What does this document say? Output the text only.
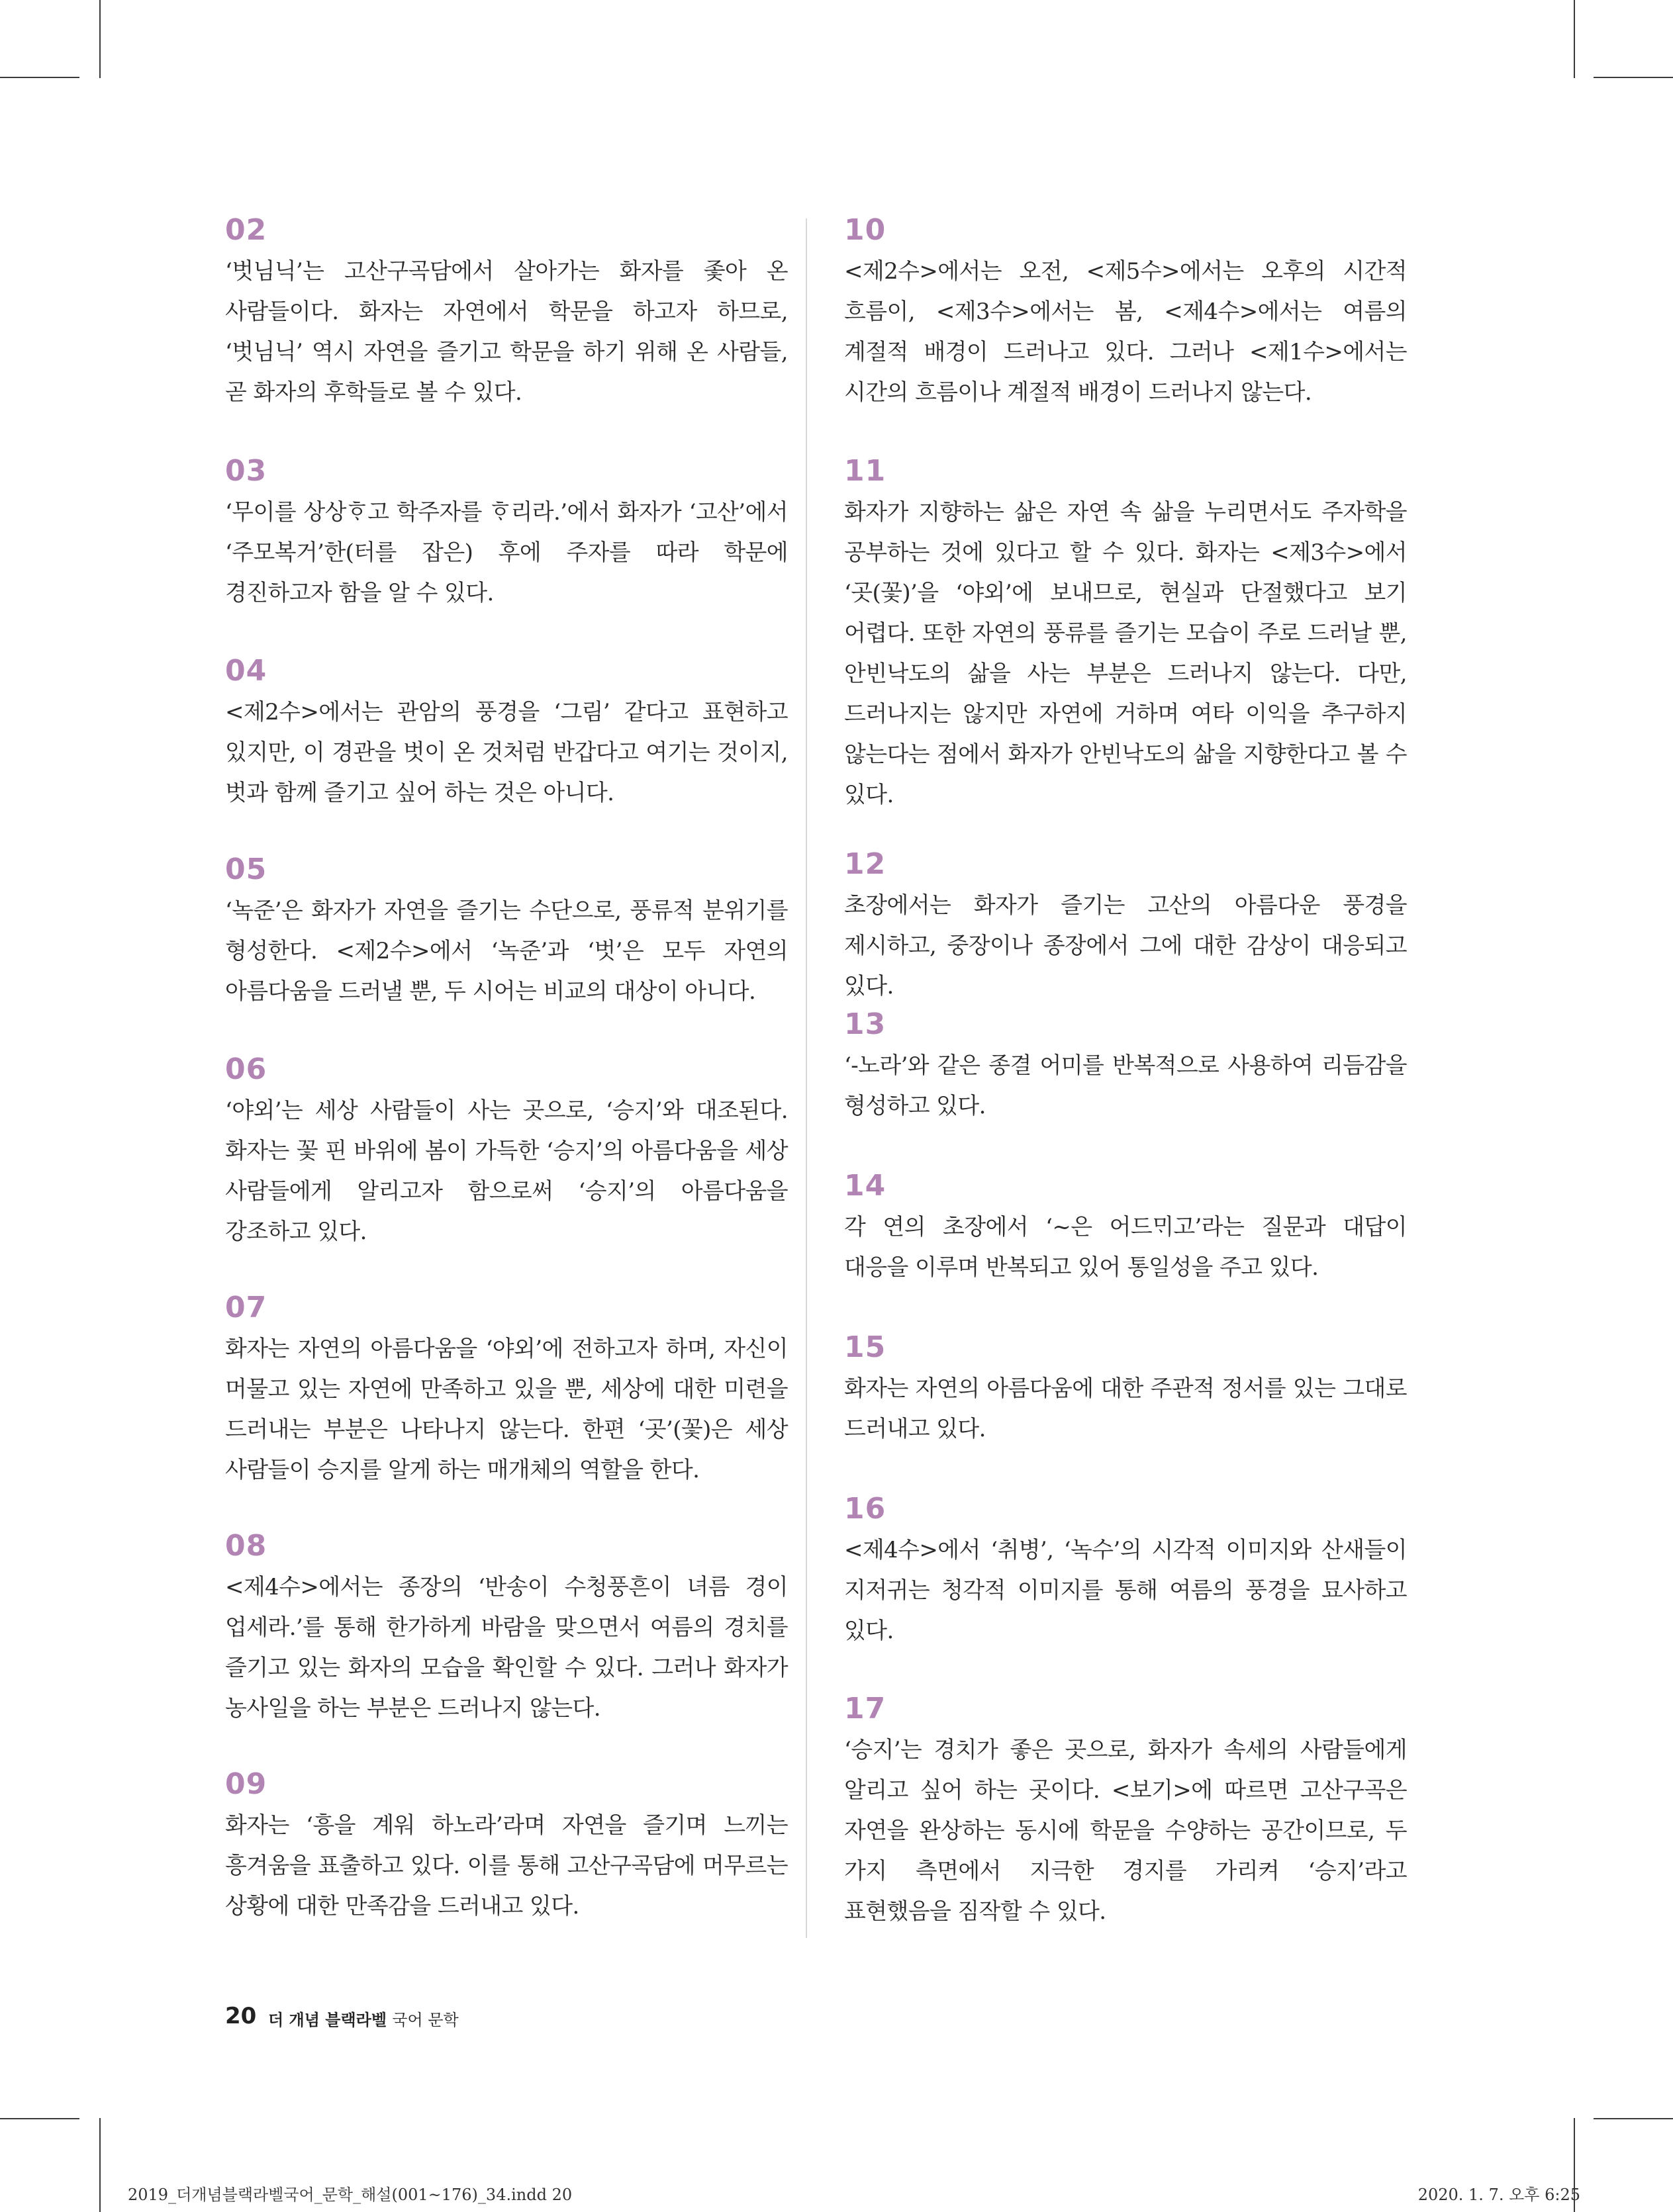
02

‘벗님닉’는 고산구곡담에서 살아가는 화자를 좇아 온 사람들이다. 화자는 자연에서 학문을 하고자 하므로, ‘벗님닉’ 역시 자연을 즐기고 학문을 하기 위해 온 사람들, 곧 화자의 후학들로 볼 수 있다.

03

‘무이를 상상ᄒᆞ고 학주자를 ᄒᆞ리라.’에서 화자가 ‘고산’에서 ‘주모복거’한(터를 잡은) 후에 주자를 따라 학문에 경진하고자 함을 알 수 있다.

04

<제2수>에서는 관암의 풍경을 ‘그림’ 같다고 표현하고 있지만, 이 경관을 벗이 온 것처럼 반갑다고 여기는 것이지, 벗과 함께 즐기고 싶어 하는 것은 아니다.

05

‘녹준’은 화자가 자연을 즐기는 수단으로, 풍류적 분위기를 형성한다. <제2수>에서 ‘녹준’과 ‘벗’은 모두 자연의 아름다움을 드러낼 뿐, 두 시어는 비교의 대상이 아니다.

06

‘야외’는 세상 사람들이 사는 곳으로, ‘승지’와 대조된다. 화자는 꽃 핀 바위에 봄이 가득한 ‘승지’의 아름다움을 세상 사람들에게 알리고자 함으로써 ‘승지’의 아름다움을 강조하고 있다.

07

화자는 자연의 아름다움을 ‘야외’에 전하고자 하며, 자신이 머물고 있는 자연에 만족하고 있을 뿐, 세상에 대한 미련을 드러내는 부분은 나타나지 않는다. 한편 ‘곳’(꽃)은 세상 사람들이 승지를 알게 하는 매개체의 역할을 한다.

08

<제4수>에서는 종장의 ‘반송이 수청풍흔이 녀름 경이 업세라.’를 통해 한가하게 바람을 맞으면서 여름의 경치를 즐기고 있는 화자의 모습을 확인할 수 있다. 그러나 화자가 농사일을 하는 부분은 드러나지 않는다.

09

화자는 ‘흥을 계워 하노라’라며 자연을 즐기며 느끼는 흥겨움을 표출하고 있다. 이를 통해 고산구곡담에 머무르는 상황에 대한 만족감을 드러내고 있다.

10

<제2수>에서는 오전, <제5수>에서는 오후의 시간적 흐름이, <제3수>에서는 봄, <제4수>에서는 여름의 계절적 배경이 드러나고 있다. 그러나 <제1수>에서는 시간의 흐름이나 계절적 배경이 드러나지 않는다.

11

화자가 지향하는 삶은 자연 속 삶을 누리면서도 주자학을 공부하는 것에 있다고 할 수 있다. 화자는 <제3수>에서 ‘곳(꽃)’을 ‘야외’에 보내므로, 현실과 단절했다고 보기 어렵다. 또한 자연의 풍류를 즐기는 모습이 주로 드러날 뿐, 안빈낙도의 삶을 사는 부분은 드러나지 않는다. 다만, 드러나지는 않지만 자연에 거하며 여타 이익을 추구하지 않는다는 점에서 화자가 안빈낙도의 삶을 지향한다고 볼 수 있다.

12

초장에서는 화자가 즐기는 고산의 아름다운 풍경을 제시하고, 중장이나 종장에서 그에 대한 감상이 대응되고 있다.

13

‘-노라’와 같은 종결 어미를 반복적으로 사용하여 리듬감을 형성하고 있다.

14

각 연의 초장에서 ‘~은 어드ᄆᆡ고’라는 질문과 대답이 대응을 이루며 반복되고 있어 통일성을 주고 있다.

15

화자는 자연의 아름다움에 대한 주관적 정서를 있는 그대로 드러내고 있다.

16

<제4수>에서 ‘취병’, ‘녹수’의 시각적 이미지와 산새들이 지저귀는 청각적 이미지를 통해 여름의 풍경을 묘사하고 있다.

17

‘승지’는 경치가 좋은 곳으로, 화자가 속세의 사람들에게 알리고 싶어 하는 곳이다. <보기>에 따르면 고산구곡은 자연을 완상하는 동시에 학문을 수양하는 공간이므로, 두 가지 측면에서 지극한 경지를 가리켜 ‘승지’라고 표현했음을 짐작할 수 있다.

20 더 개념 블랙라벨 국어 문학
2019_더개념블랙라벨국어_문학_해설(001~176)_34.indd 20	2020. 1. 7. 오후 6:25
